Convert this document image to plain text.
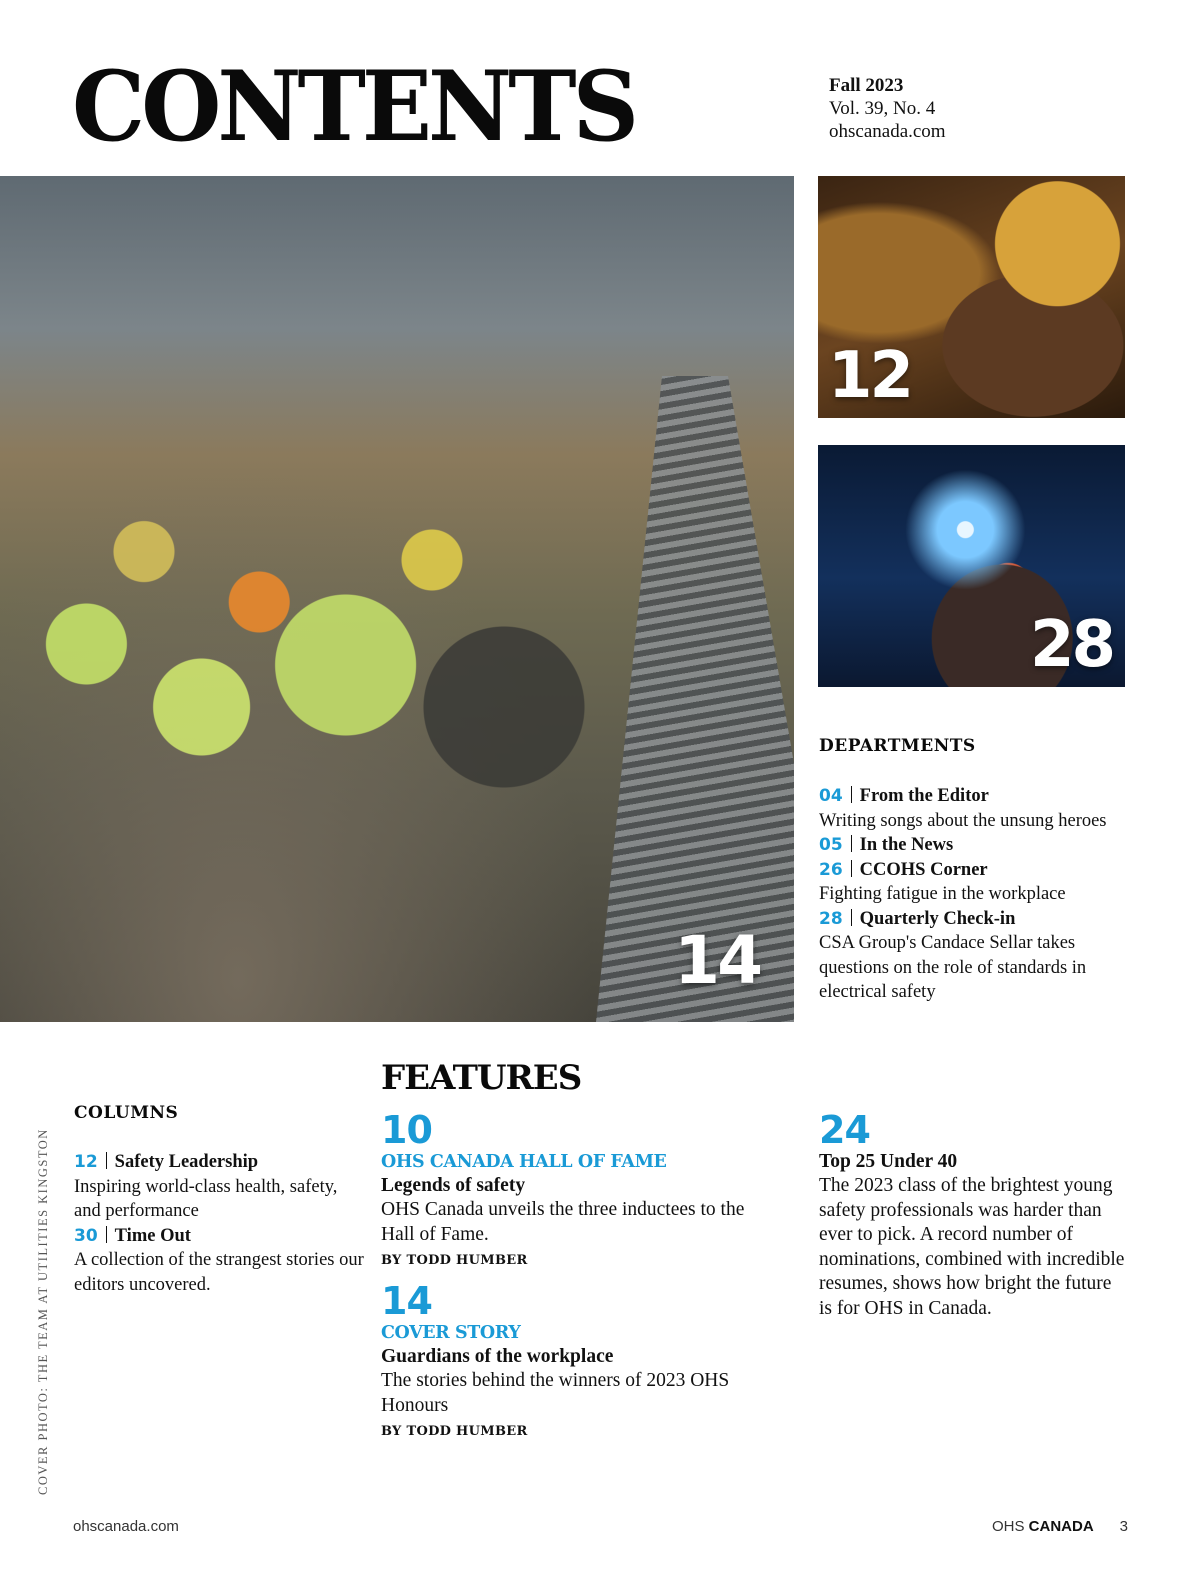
CONTENTS	Fall 2023
Vol. 39, No. 4
ohscanada.com
14
12
28
DEPARTMENTS
04 From the Editor
Writing songs about the unsung heroes
05 In the News
26 CCOHS Corner
Fighting fatigue in the workplace
28 Quarterly Check-in
CSA Group's Candace Sellar takes questions on the role of standards in electrical safety
FEATURES
COLUMNS
12 Safety Leadership
Inspiring world-class health, safety, and performance
30 Time Out
A collection of the strangest stories our editors uncovered.
10
OHS CANADA HALL OF FAME
Legends of safety
OHS Canada unveils the three inductees to the Hall of Fame.
BY TODD HUMBER
14
COVER STORY
Guardians of the workplace
The stories behind the winners of 2023 OHS Honours
BY TODD HUMBER
24
Top 25 Under 40
The 2023 class of the brightest young safety professionals was harder than ever to pick. A record number of nominations, combined with incredible resumes, shows how bright the future is for OHS in Canada.
COVER PHOTO: THE TEAM AT UTILITIES KINGSTON
ohscanada.com	OHS CANADA 3
